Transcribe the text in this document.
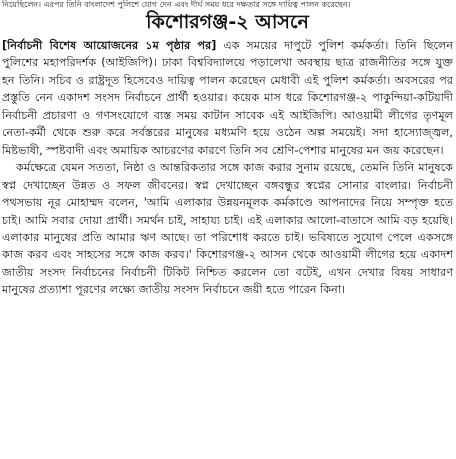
নিয়েছিলেন। এরপর তিনি বাংলাদেশ পুলিশে যোগ দেন এবং দীর্ঘ সময় ধরে দক্ষতার সঙ্গে দায়িত্ব পালন করেছেন।
কিশোরগঞ্জ-২ আসনে

[নির্বাচনী বিশেষ আয়োজনের ১ম পৃষ্ঠার পর] এক সময়ের দাপুটে পুলিশ কর্মকর্তা। তিনি ছিলেন পুলিশের মহাপরিদর্শক (আইজিপি)। ঢাকা বিশ্ববিদ্যালয়ে পড়ালেখা অবস্থায় ছাত্র রাজনীতির সঙ্গে যুক্ত হন তিনি। সচিব ও রাষ্ট্রদূত হিসেবেও দায়িত্ব পালন করেছেন মেধাবী এই পুলিশ কর্মকর্তা। অবসরের পর প্রস্তুতি নেন একাদশ সংসদ নির্বাচনে প্রার্থী হওয়ার। কয়েক মাস ধরে কিশোরগঞ্জ-২ পাকুন্দিয়া-কটিয়াদী নির্বাচনী প্রচারণা ও গণসংযোগে ব্যস্ত সময় কাটান সাবেক এই আইজিপি। আওয়ামী লীগের তৃণমূল নেতা-কর্মী থেকে শুরু করে সর্বস্তরের মানুষের মধ্যমণি হয়ে ওঠেন অল্প সময়েই। সদা হাস্যোজ্জ্বল, মিষ্টভাষী, স্পষ্টবাদী এবং অমায়িক আচরণের কারণে তিনি সব শ্রেণি-পেশার মানুষের মন জয় করেছেন।

কর্মক্ষেত্রে যেমন সততা, নিষ্ঠা ও আন্তরিকতার সঙ্গে কাজ করার সুনাম রয়েছে, তেমনি তিনি মানুষকে স্বপ্ন দেখাচ্ছেন উন্নত ও সফল জীবনের। স্বপ্ন দেখাচ্ছেন বঙ্গবন্ধুর স্বপ্নের সোনার বাংলার। নির্বাচনী পথসভায় নূর মোহাম্মদ বলেন, 'আমি এলাকার উন্নয়নমূলক কর্মকাণ্ডে আপনাদের নিয়ে সম্পৃক্ত হতে চাই। আমি সবার দোয়া প্রার্থী। সমর্থন চাই, সাহায্য চাই। এই এলাকার আলো-বাতাসে আমি বড় হয়েছি। এলাকার মানুষের প্রতি আমার ঋণ আছে। তা পরিশোধ করতে চাই। ভবিষ্যতে সুযোগ পেলে একসঙ্গে কাজ করব এবং সাহসের সঙ্গে কাজ করব।' কিশোরগঞ্জ-২ আসন থেকে আওয়ামী লীগের হয়ে একাদশ জাতীয় সংসদ নির্বাচনের নির্বাচনী টিকিট নিশ্চিত করলেন তো বটেই, এখন দেখার বিষয় সাধারণ মানুষের প্রত্যাশা পূরণের লক্ষ্যে জাতীয় সংসদ নির্বাচনে জয়ী হতে পারেন কিনা।
